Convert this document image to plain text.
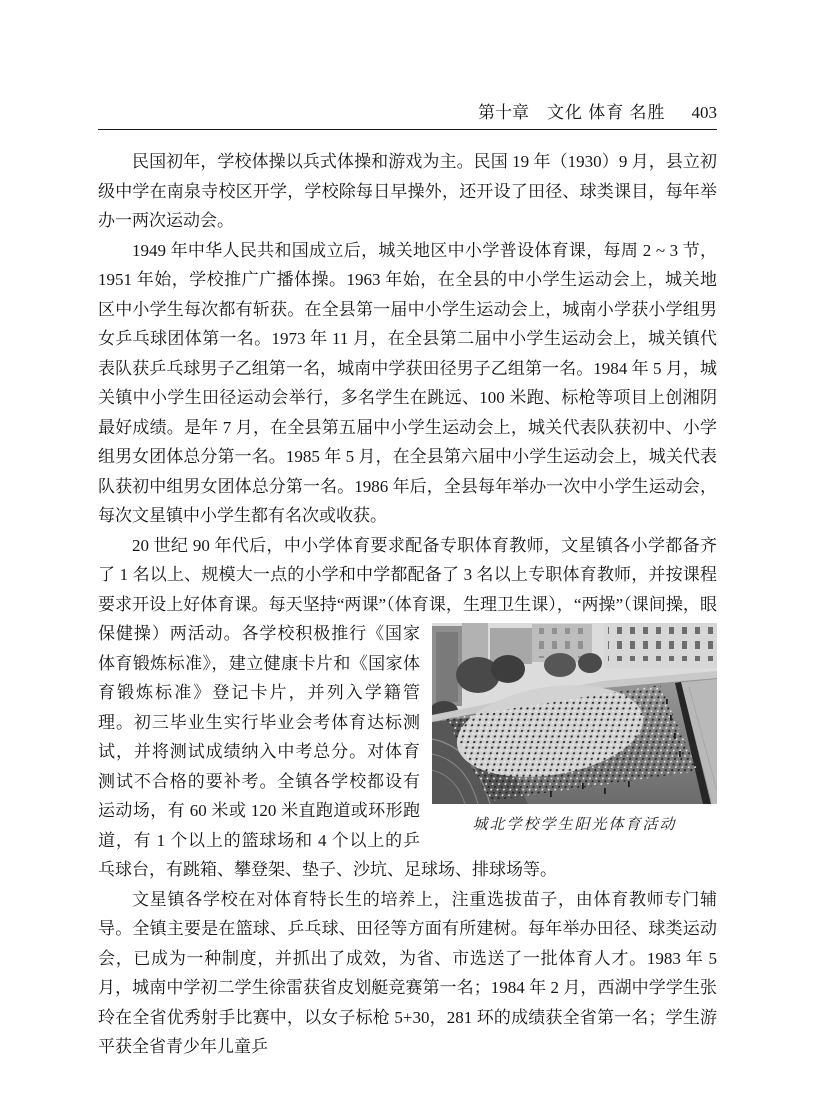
第十章 文化 体育 名胜 403

民国初年，学校体操以兵式体操和游戏为主。民国 19 年（1930）9 月，县立初级中学在南泉寺校区开学，学校除每日早操外，还开设了田径、球类课目，每年举办一两次运动会。

1949 年中华人民共和国成立后，城关地区中小学普设体育课，每周 2 ~ 3 节，1951 年始，学校推广广播体操。1963 年始，在全县的中小学生运动会上，城关地区中小学生每次都有斩获。在全县第一届中小学生运动会上，城南小学获小学组男女乒乓球团体第一名。1973 年 11 月，在全县第二届中小学生运动会上，城关镇代表队获乒乓球男子乙组第一名，城南中学获田径男子乙组第一名。1984 年 5 月，城关镇中小学生田径运动会举行，多名学生在跳远、100 米跑、标枪等项目上创湘阴最好成绩。是年 7 月，在全县第五届中小学生运动会上，城关代表队获初中、小学组男女团体总分第一名。1985 年 5 月，在全县第六届中小学生运动会上，城关代表队获初中组男女团体总分第一名。1986 年后，全县每年举办一次中小学生运动会，每次文星镇中小学生都有名次或收获。

20 世纪 90 年代后，中小学体育要求配备专职体育教师，文星镇各小学都备齐了 1 名以上、规模大一点的小学和中学都配备了 3 名以上专职体育教师，并按课程要求开设上好体育课。每天坚持“两课”（体育课，生理卫生课），“两操”（课间操，眼保健操）
城北学校学生阳光体育活动
两活动。各学校积极推行《国家体育锻炼标准》，建立健康卡片和《国家体育锻炼标准》登记卡片，并列入学籍管理。初三毕业生实行毕业会考体育达标测试，并将测试成绩纳入中考总分。对体育测试不合格的要补考。全镇各学校都设有运动场，有 60 米或 120 米直跑道或环形跑道，有 1 个以上的篮球场和 4 个以上的乒乓球台，有跳箱、攀登架、垫子、沙坑、足球场、排球场等。

文星镇各学校在对体育特长生的培养上，注重选拔苗子，由体育教师专门辅导。全镇主要是在篮球、乒乓球、田径等方面有所建树。每年举办田径、球类运动会，已成为一种制度，并抓出了成效，为省、市选送了一批体育人才。1983 年 5 月，城南中学初二学生徐雷获省皮划艇竞赛第一名；1984 年 2 月，西湖中学学生张玲在全省优秀射手比赛中，以女子标枪 5+30，281 环的成绩获全省第一名；学生游平获全省青少年儿童乒
